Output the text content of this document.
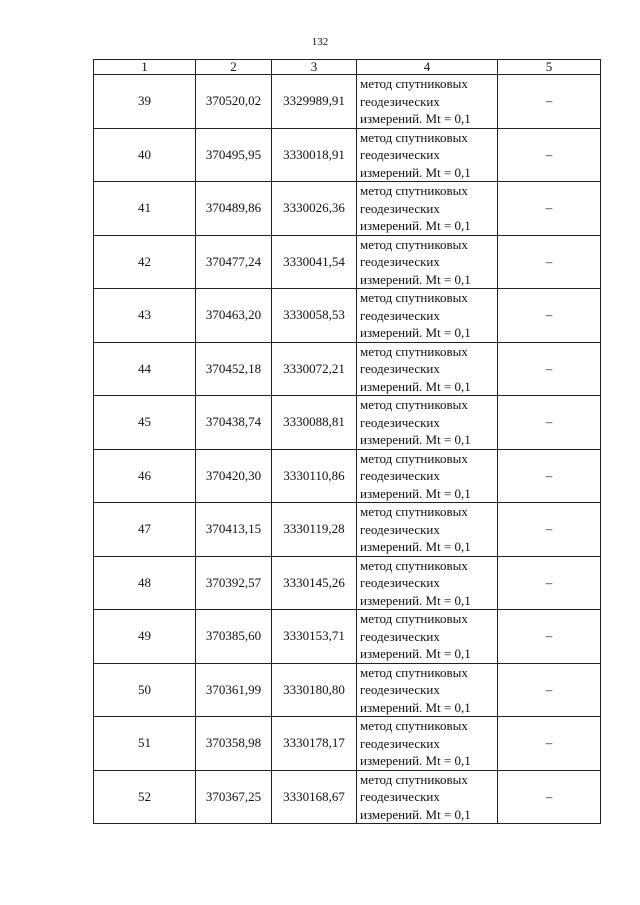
132
1	2	3	4	5
39	370520,02	3329989,91	метод спутниковых
геодезических
измерений. Mt = 0,1	–
40	370495,95	3330018,91	метод спутниковых
геодезических
измерений. Mt = 0,1	–
41	370489,86	3330026,36	метод спутниковых
геодезических
измерений. Mt = 0,1	–
42	370477,24	3330041,54	метод спутниковых
геодезических
измерений. Mt = 0,1	–
43	370463,20	3330058,53	метод спутниковых
геодезических
измерений. Mt = 0,1	–
44	370452,18	3330072,21	метод спутниковых
геодезических
измерений. Mt = 0,1	–
45	370438,74	3330088,81	метод спутниковых
геодезических
измерений. Mt = 0,1	–
46	370420,30	3330110,86	метод спутниковых
геодезических
измерений. Mt = 0,1	–
47	370413,15	3330119,28	метод спутниковых
геодезических
измерений. Mt = 0,1	–
48	370392,57	3330145,26	метод спутниковых
геодезических
измерений. Mt = 0,1	–
49	370385,60	3330153,71	метод спутниковых
геодезических
измерений. Mt = 0,1	–
50	370361,99	3330180,80	метод спутниковых
геодезических
измерений. Mt = 0,1	–
51	370358,98	3330178,17	метод спутниковых
геодезических
измерений. Mt = 0,1	–
52	370367,25	3330168,67	метод спутниковых
геодезических
измерений. Mt = 0,1	–
